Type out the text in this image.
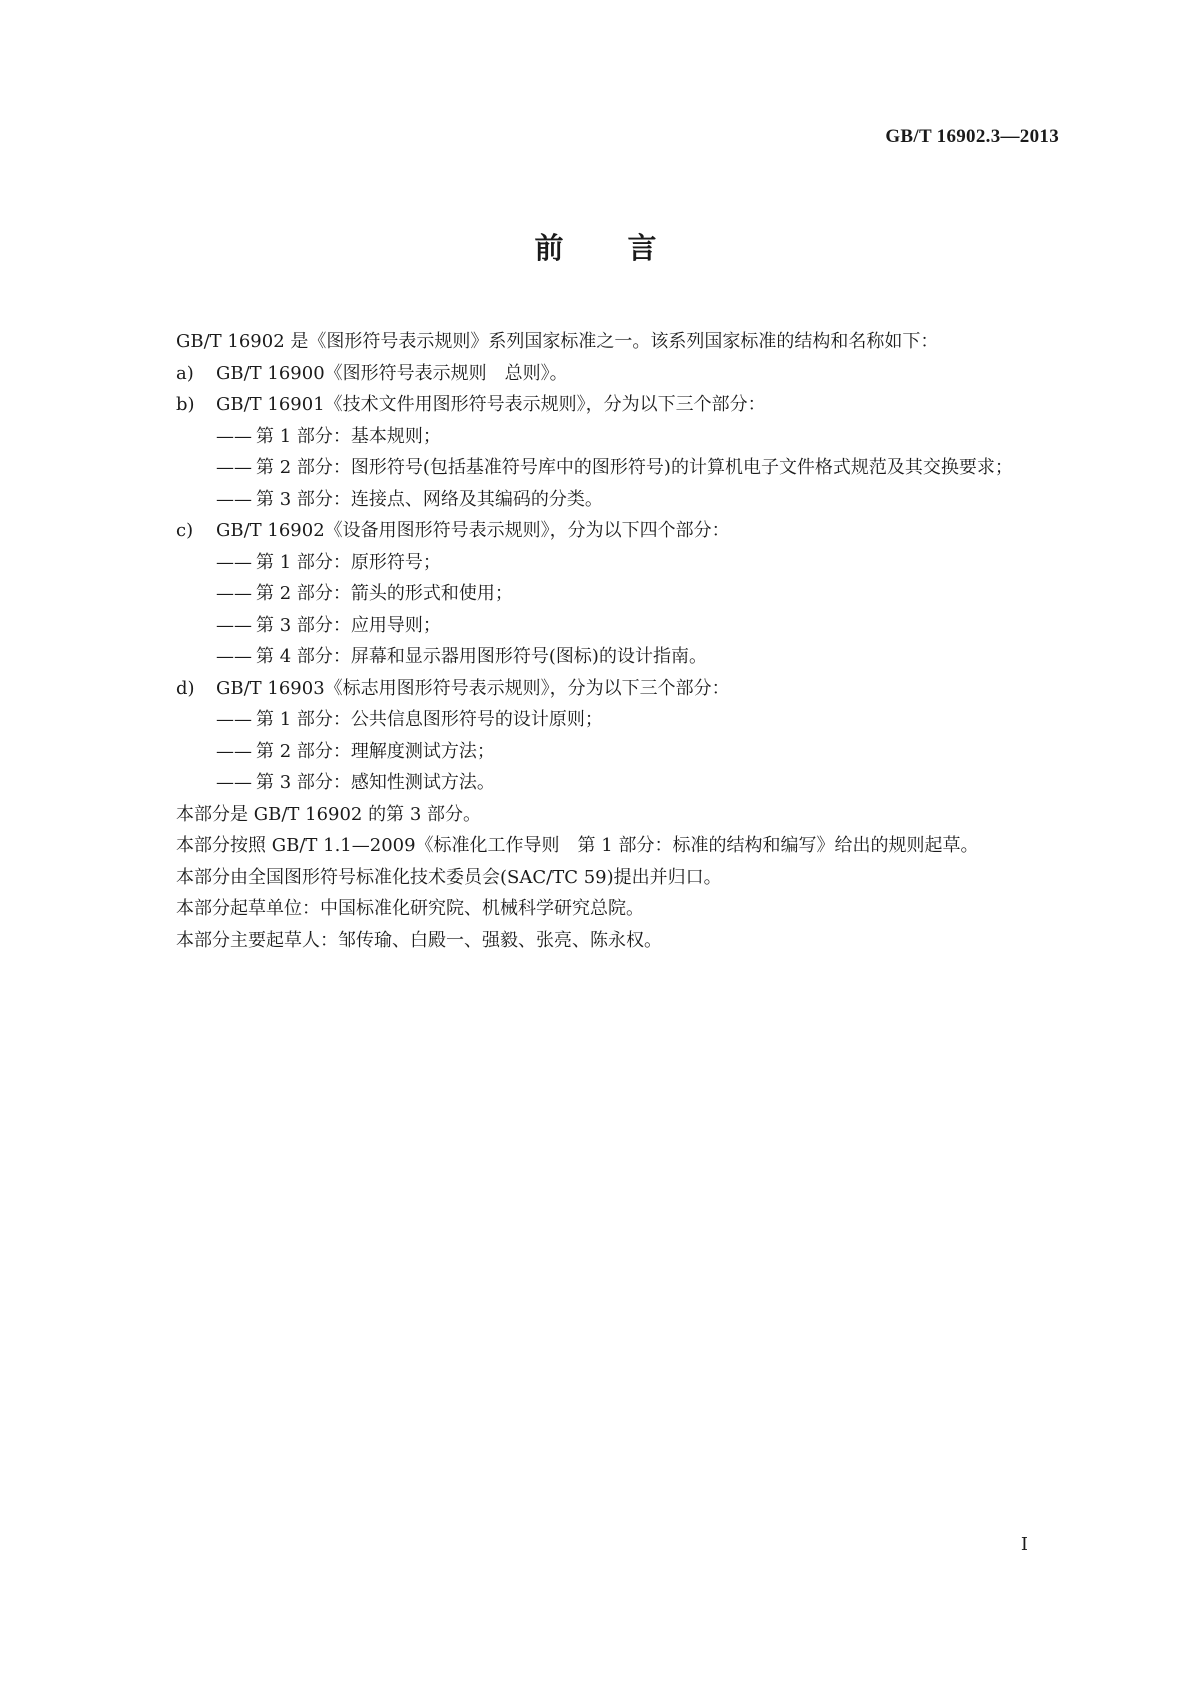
GB/T 16902.3—2013
前言

GB/T 16902 是《图形符号表示规则》系列国家标准之一。该系列国家标准的结构和名称如下：

a)	GB/T 16900《图形符号表示规则　总则》。
b)	GB/T 16901《技术文件用图形符号表示规则》，分为以下三个部分：
—— 第 1 部分：基本规则；
—— 第 2 部分：图形符号(包括基准符号库中的图形符号)的计算机电子文件格式规范及其交换要求；
—— 第 3 部分：连接点、网络及其编码的分类。
c)	GB/T 16902《设备用图形符号表示规则》，分为以下四个部分：
—— 第 1 部分：原形符号；
—— 第 2 部分：箭头的形式和使用；
—— 第 3 部分：应用导则；
—— 第 4 部分：屏幕和显示器用图形符号(图标)的设计指南。
d)	GB/T 16903《标志用图形符号表示规则》，分为以下三个部分：
—— 第 1 部分：公共信息图形符号的设计原则；
—— 第 2 部分：理解度测试方法；
—— 第 3 部分：感知性测试方法。

本部分是 GB/T 16902 的第 3 部分。

本部分按照 GB/T 1.1—2009《标准化工作导则　第 1 部分：标准的结构和编写》给出的规则起草。

本部分由全国图形符号标准化技术委员会(SAC/TC 59)提出并归口。

本部分起草单位：中国标准化研究院、机械科学研究总院。

本部分主要起草人：邹传瑜、白殿一、强毅、张亮、陈永权。

I
